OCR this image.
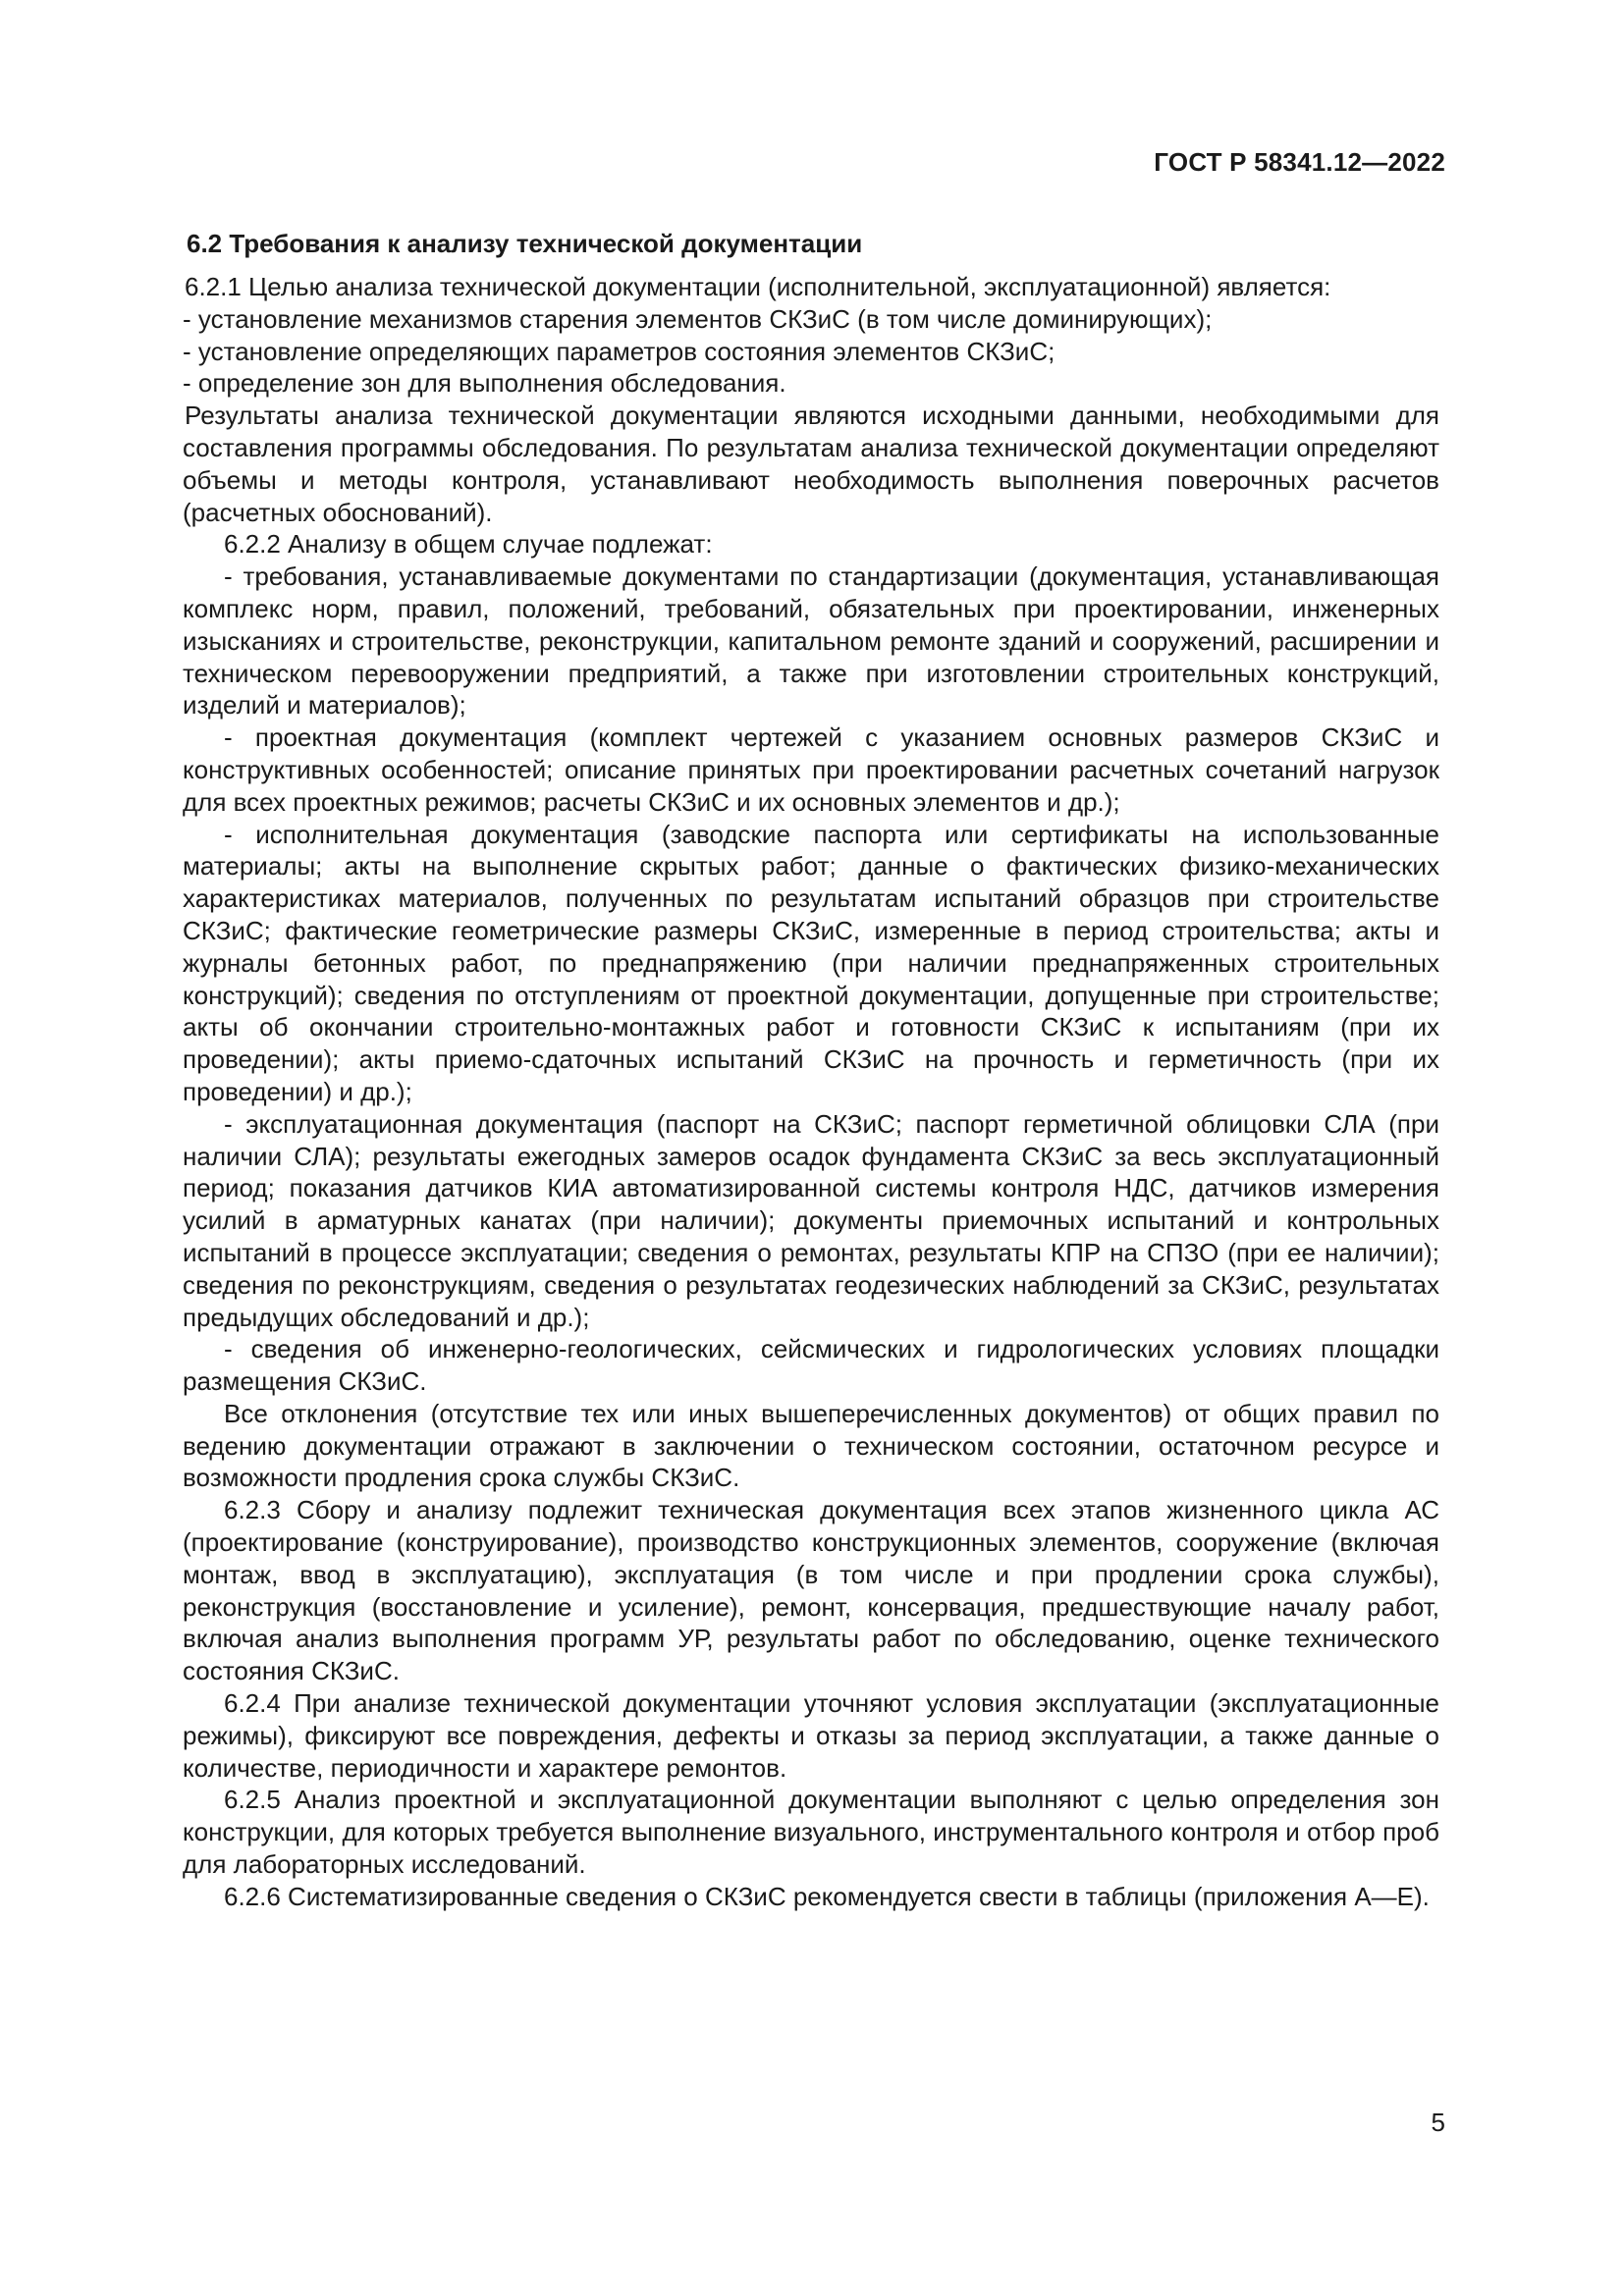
ГОСТ Р 58341.12—2022
6.2 Требования к анализу технической документации
6.2.1 Целью анализа технической документации (исполнительной, эксплуатационной) является:
- установление механизмов старения элементов СКЗиС (в том числе доминирующих);
- установление определяющих параметров состояния элементов СКЗиС;
- определение зон для выполнения обследования.
Результаты анализа технической документации являются исходными данными, необходимыми для составления программы обследования. По результатам анализа технической документации определяют объемы и методы контроля, устанавливают необходимость выполнения поверочных расчетов (расчетных обоснований).
6.2.2 Анализу в общем случае подлежат:
- требования, устанавливаемые документами по стандартизации (документация, устанавливающая комплекс норм, правил, положений, требований, обязательных при проектировании, инженерных изысканиях и строительстве, реконструкции, капитальном ремонте зданий и сооружений, расширении и техническом перевооружении предприятий, а также при изготовлении строительных конструкций, изделий и материалов);
- проектная документация (комплект чертежей с указанием основных размеров СКЗиС и конструктивных особенностей; описание принятых при проектировании расчетных сочетаний нагрузок для всех проектных режимов; расчеты СКЗиС и их основных элементов и др.);
- исполнительная документация (заводские паспорта или сертификаты на использованные материалы; акты на выполнение скрытых работ; данные о фактических физико-механических характеристиках материалов, полученных по результатам испытаний образцов при строительстве СКЗиС; фактические геометрические размеры СКЗиС, измеренные в период строительства; акты и журналы бетонных работ, по преднапряжению (при наличии преднапряженных строительных конструкций); сведения по отступлениям от проектной документации, допущенные при строительстве; акты об окончании строительно-монтажных работ и готовности СКЗиС к испытаниям (при их проведении); акты приемо-сдаточных испытаний СКЗиС на прочность и герметичность (при их проведении) и др.);
- эксплуатационная документация (паспорт на СКЗиС; паспорт герметичной облицовки СЛА (при наличии СЛА); результаты ежегодных замеров осадок фундамента СКЗиС за весь эксплуатационный период; показания датчиков КИА автоматизированной системы контроля НДС, датчиков измерения усилий в арматурных канатах (при наличии); документы приемочных испытаний и контрольных испытаний в процессе эксплуатации; сведения о ремонтах, результаты КПР на СПЗО (при ее наличии); сведения по реконструкциям, сведения о результатах геодезических наблюдений за СКЗиС, результатах предыдущих обследований и др.);
- сведения об инженерно-геологических, сейсмических и гидрологических условиях площадки размещения СКЗиС.
Все отклонения (отсутствие тех или иных вышеперечисленных документов) от общих правил по ведению документации отражают в заключении о техническом состоянии, остаточном ресурсе и возможности продления срока службы СКЗиС.
6.2.3 Сбору и анализу подлежит техническая документация всех этапов жизненного цикла АС (проектирование (конструирование), производство конструкционных элементов, сооружение (включая монтаж, ввод в эксплуатацию), эксплуатация (в том числе и при продлении срока службы), реконструкция (восстановление и усиление), ремонт, консервация, предшествующие началу работ, включая анализ выполнения программ УР, результаты работ по обследованию, оценке технического состояния СКЗиС.
6.2.4 При анализе технической документации уточняют условия эксплуатации (эксплуатационные режимы), фиксируют все повреждения, дефекты и отказы за период эксплуатации, а также данные о количестве, периодичности и характере ремонтов.
6.2.5 Анализ проектной и эксплуатационной документации выполняют с целью определения зон конструкции, для которых требуется выполнение визуального, инструментального контроля и отбор проб для лабораторных исследований.
6.2.6 Систематизированные сведения о СКЗиС рекомендуется свести в таблицы (приложения А—Е).
5
